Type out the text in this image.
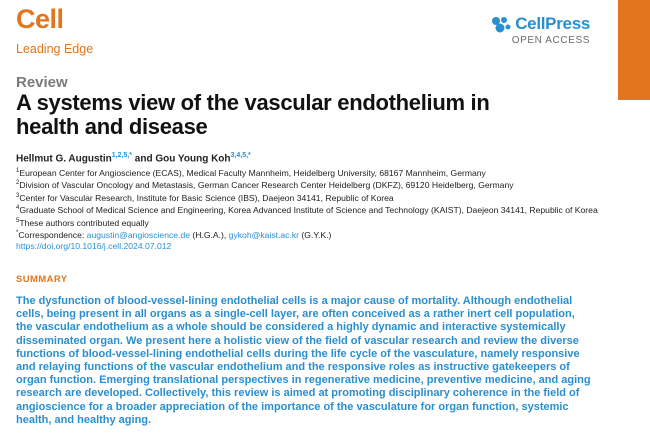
Cell
Leading Edge
CellPress
OPEN ACCESS
Review
A systems view of the vascular endothelium in health and disease
Hellmut G. Augustin$^{1,2,5,*}$ and Gou Young Koh$^{3,4,5,*}$
$^1$European Center for Angioscience (ECAS), Medical Faculty Mannheim, Heidelberg University, 68167 Mannheim, Germany
$^2$Division of Vascular Oncology and Metastasis, German Cancer Research Center Heidelberg (DKFZ), 69120 Heidelberg, Germany
$^3$Center for Vascular Research, Institute for Basic Science (IBS), Daejeon 34141, Republic of Korea
$^4$Graduate School of Medical Science and Engineering, Korea Advanced Institute of Science and Technology (KAIST), Daejeon 34141, Republic of Korea
$^5$These authors contributed equally
*Correspondence: augustin@angioscience.de (H.G.A.), gykoh@kaist.ac.kr (G.Y.K.)
https://doi.org/10.1016/j.cell.2024.07.012
SUMMARY

The dysfunction of blood-vessel-lining endothelial cells is a major cause of mortality. Although endothelial cells, being present in all organs as a single-cell layer, are often conceived as a rather inert cell population, the vascular endothelium as a whole should be considered a highly dynamic and interactive systemically disseminated organ. We present here a holistic view of the field of vascular research and review the diverse functions of blood-vessel-lining endothelial cells during the life cycle of the vasculature, namely responsive and relaying functions of the vascular endothelium and the responsive roles as instructive gatekeepers of organ function. Emerging translational perspectives in regenerative medicine, preventive medicine, and aging research are developed. Collectively, this review is aimed at promoting disciplinary coherence in the field of angioscience for a broader appreciation of the importance of the vasculature for organ function, systemic health, and healthy aging.
